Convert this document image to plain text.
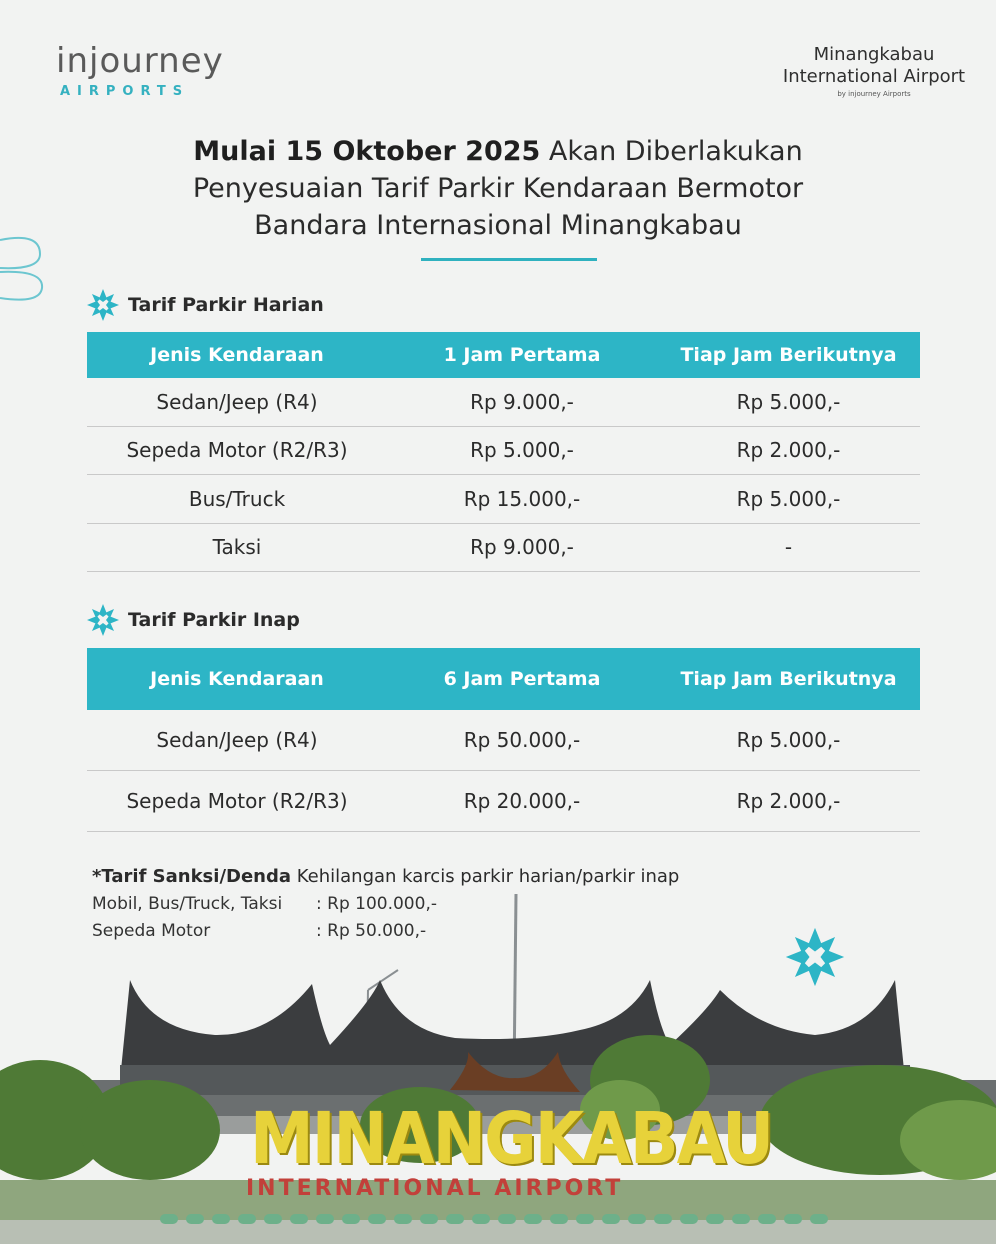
injourney
AIRPORTS
Minangkabau
International Airport
by injourney Airports
Mulai 15 Oktober 2025 Akan Diberlakukan
Penyesuaian Tarif Parkir Kendaraan Bermotor
Bandara Internasional Minangkabau
Tarif Parkir Harian
Jenis Kendaraan	1 Jam Pertama	Tiap Jam Berikutnya
Sedan/Jeep (R4)	Rp 9.000,-	Rp 5.000,-
Sepeda Motor (R2/R3)	Rp 5.000,-	Rp 2.000,-
Bus/Truck	Rp 15.000,-	Rp 5.000,-
Taksi	Rp 9.000,-	-
Tarif Parkir Inap
Jenis Kendaraan	6 Jam Pertama	Tiap Jam Berikutnya
Sedan/Jeep (R4)	Rp 50.000,-	Rp 5.000,-
Sepeda Motor (R2/R3)	Rp 20.000,-	Rp 2.000,-
*Tarif Sanksi/Denda Kehilangan karcis parkir harian/parkir inap
Mobil, Bus/Truck, Taksi	: Rp 100.000,-
Sepeda Motor	: Rp 50.000,-
MINANGKABAU
INTERNATIONAL AIRPORT
